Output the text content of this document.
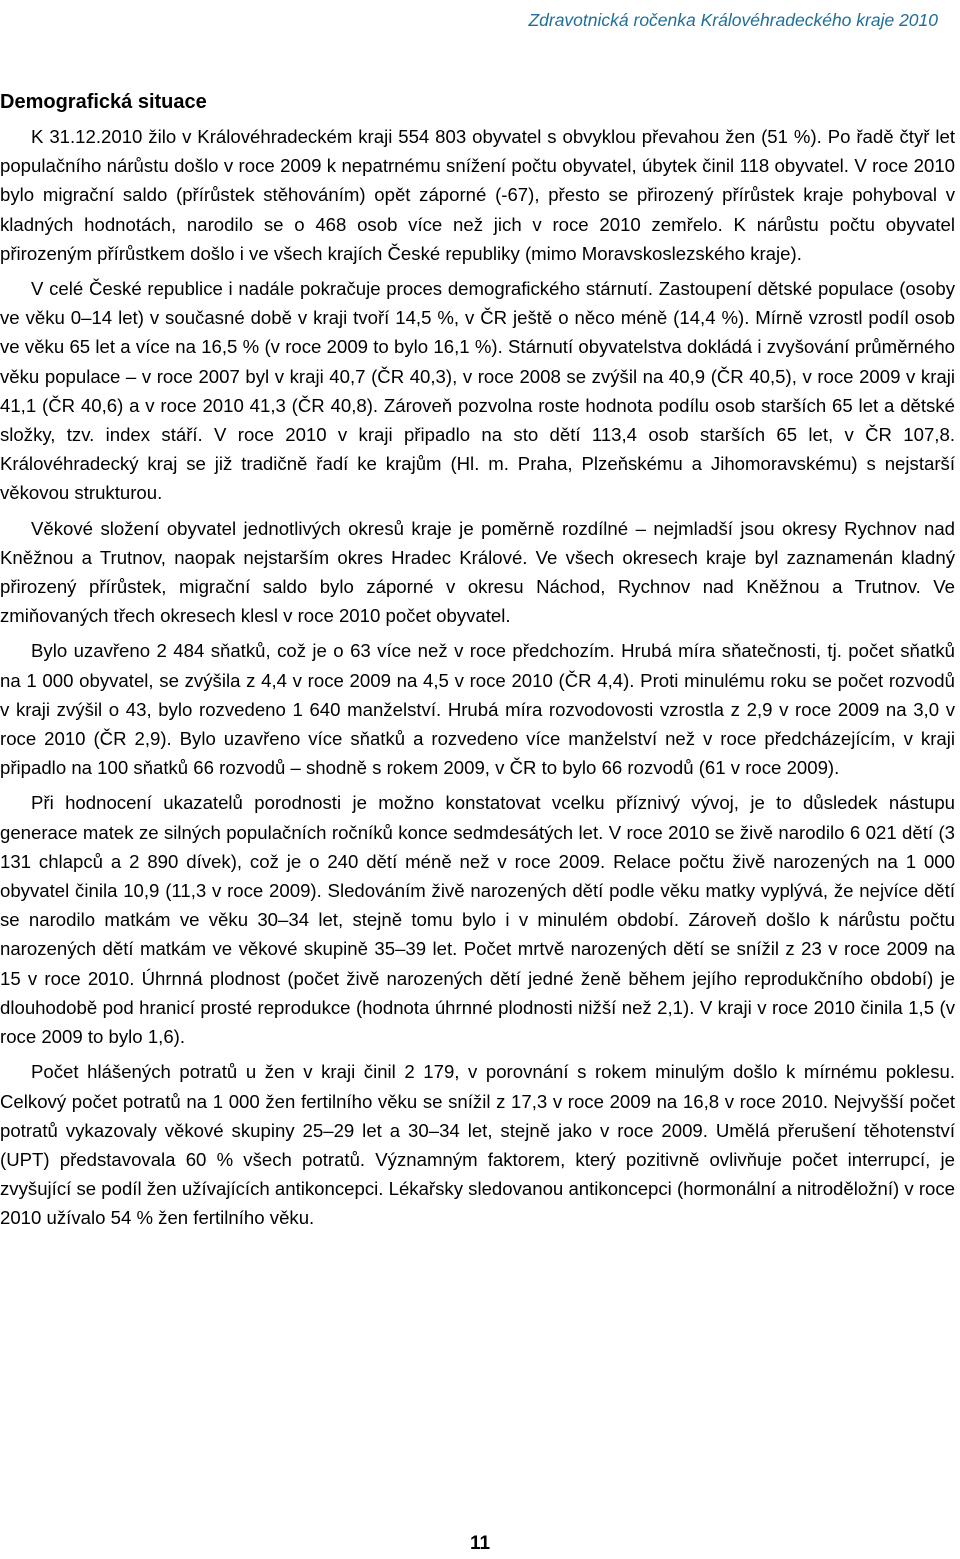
Zdravotnická ročenka Královéhradeckého kraje 2010
Demografická situace

K 31.12.2010 žilo v Královéhradeckém kraji 554 803 obyvatel s obvyklou převahou žen (51 %). Po řadě čtyř let populačního nárůstu došlo v roce 2009 k nepatrnému snížení počtu obyvatel, úbytek činil 118 obyvatel. V roce 2010 bylo migrační saldo (přírůstek stěhováním) opět záporné (-67), přesto se přirozený přírůstek kraje pohyboval v kladných hodnotách, narodilo se o 468 osob více než jich v roce 2010 zemřelo. K nárůstu počtu obyvatel přirozeným přírůstkem došlo i ve všech krajích České republiky (mimo Moravskoslezského kraje).

V celé České republice i nadále pokračuje proces demografického stárnutí. Zastoupení dětské populace (osoby ve věku 0–14 let) v současné době v kraji tvoří 14,5 %, v ČR ještě o něco méně (14,4 %). Mírně vzrostl podíl osob ve věku 65 let a více na 16,5 % (v roce 2009 to bylo 16,1 %). Stárnutí obyvatelstva dokládá i zvyšování průměrného věku populace – v roce 2007 byl v kraji 40,7 (ČR 40,3), v roce 2008 se zvýšil na 40,9 (ČR 40,5), v roce 2009 v kraji 41,1 (ČR 40,6) a v roce 2010 41,3 (ČR 40,8). Zároveň pozvolna roste hodnota podílu osob starších 65 let a dětské složky, tzv. index stáří. V roce 2010 v kraji připadlo na sto dětí 113,4 osob starších 65 let, v ČR 107,8. Královéhradecký kraj se již tradičně řadí ke krajům (Hl. m. Praha, Plzeňskému a Jihomoravskému) s nejstarší věkovou strukturou.

Věkové složení obyvatel jednotlivých okresů kraje je poměrně rozdílné – nejmladší jsou okresy Rychnov nad Kněžnou a Trutnov, naopak nejstarším okres Hradec Králové. Ve všech okresech kraje byl zaznamenán kladný přirozený přírůstek, migrační saldo bylo záporné v okresu Náchod, Rychnov nad Kněžnou a Trutnov. Ve zmiňovaných třech okresech klesl v roce 2010 počet obyvatel.

Bylo uzavřeno 2 484 sňatků, což je o 63 více než v roce předchozím. Hrubá míra sňatečnosti, tj. počet sňatků na 1 000 obyvatel, se zvýšila z 4,4 v roce 2009 na 4,5 v roce 2010 (ČR 4,4). Proti minulému roku se počet rozvodů v kraji zvýšil o 43, bylo rozvedeno 1 640 manželství. Hrubá míra rozvodovosti vzrostla z 2,9 v roce 2009 na 3,0 v roce 2010 (ČR 2,9). Bylo uzavřeno více sňatků a rozvedeno více manželství než v roce předcházejícím, v kraji připadlo na 100 sňatků 66 rozvodů – shodně s rokem 2009, v ČR to bylo 66 rozvodů (61 v roce 2009).

Při hodnocení ukazatelů porodnosti je možno konstatovat vcelku příznivý vývoj, je to důsledek nástupu generace matek ze silných populačních ročníků konce sedmdesátých let. V roce 2010 se živě narodilo 6 021 dětí (3 131 chlapců a 2 890 dívek), což je o 240 dětí méně než v roce 2009. Relace počtu živě narozených na 1 000 obyvatel činila 10,9 (11,3 v roce 2009). Sledováním živě narozených dětí podle věku matky vyplývá, že nejvíce dětí se narodilo matkám ve věku 30–34 let, stejně tomu bylo i v minulém období. Zároveň došlo k nárůstu počtu narozených dětí matkám ve věkové skupině 35–39 let. Počet mrtvě narozených dětí se snížil z 23 v roce 2009 na 15 v roce 2010. Úhrnná plodnost (počet živě narozených dětí jedné ženě během jejího reprodukčního období) je dlouhodobě pod hranicí prosté reprodukce (hodnota úhrnné plodnosti nižší než 2,1). V kraji v roce 2010 činila 1,5 (v roce 2009 to bylo 1,6).

Počet hlášených potratů u žen v kraji činil 2 179, v porovnání s rokem minulým došlo k mírnému poklesu. Celkový počet potratů na 1 000 žen fertilního věku se snížil z 17,3 v roce 2009 na 16,8 v roce 2010. Nejvyšší počet potratů vykazovaly věkové skupiny 25–29 let a 30–34 let, stejně jako v roce 2009. Umělá přerušení těhotenství (UPT) představovala 60 % všech potratů. Významným faktorem, který pozitivně ovlivňuje počet interrupcí, je zvyšující se podíl žen užívajících antikoncepci. Lékařsky sledovanou antikoncepci (hormonální a nitroděložní) v roce 2010 užívalo 54 % žen fertilního věku.

11
